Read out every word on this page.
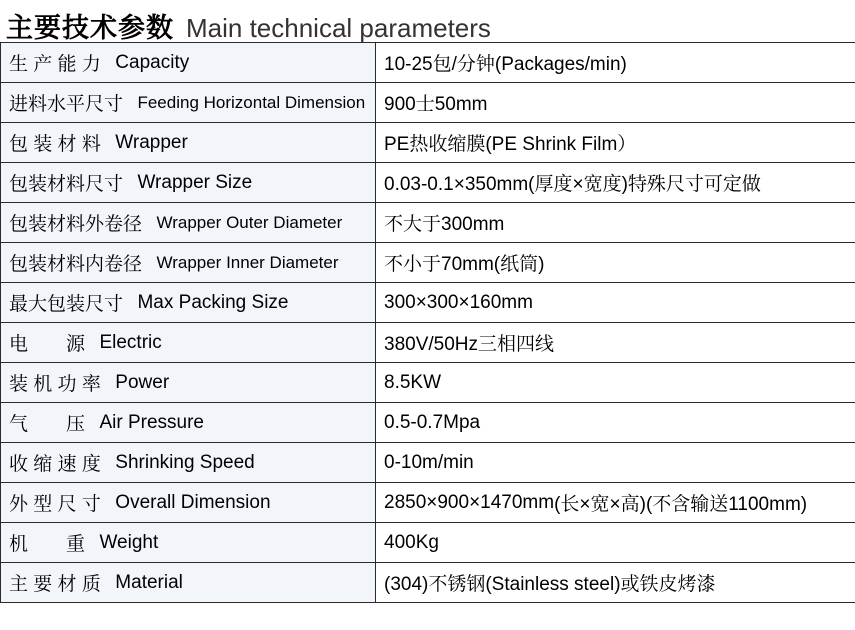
主要技术参数 Main technical parameters
生 产 能 力 Capacity	10-25包/分钟(Packages/min)
进料水平尺寸 Feeding Horizontal Dimension	900士50mm
包 装 材 料 Wrapper	PE热收缩膜(PE Shrink Film）
包装材料尺寸 Wrapper Size	0.03-0.1×350mm(厚度×宽度)特殊尺寸可定做
包装材料外卷径 Wrapper Outer Diameter	不大于300mm
包装材料内卷径 Wrapper Inner Diameter	不小于70mm(纸筒)
最大包装尺寸 Max Packing Size	300×300×160mm
电　　源 Electric	380V/50Hz三相四线
装 机 功 率 Power	8.5KW
气　　压 Air Pressure	0.5-0.7Mpa
收 缩 速 度 Shrinking Speed	0-10m/min
外 型 尺 寸 Overall Dimension	2850×900×1470mm(长×宽×高)(不含输送1100mm)
机　　重 Weight	400Kg
主 要 材 质 Material	(304)不锈钢(Stainless steel)或铁皮烤漆
